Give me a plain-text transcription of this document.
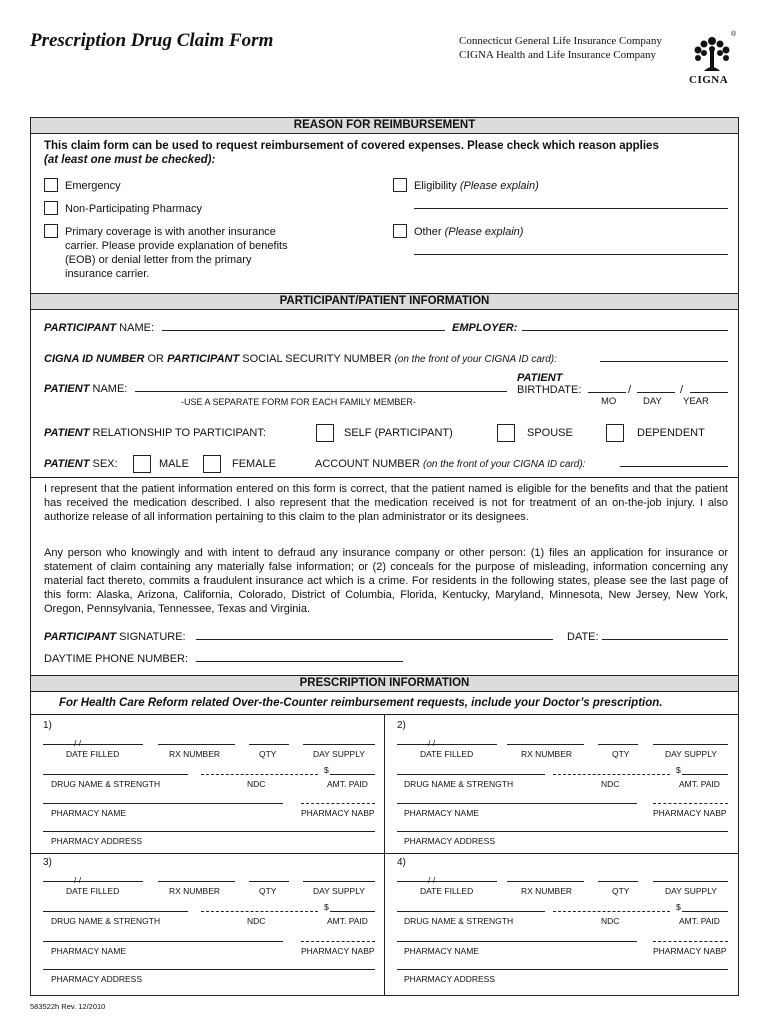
Prescription Drug Claim Form	Connecticut General Life Insurance Company
CIGNA Health and Life Insurance Company
®
CIGNA
REASON FOR REIMBURSEMENT
This claim form can be used to request reimbursement of covered expenses. Please check which reason applies
(at least one must be checked):
Emergency
Non-Participating Pharmacy
Primary coverage is with another insurance
carrier. Please provide explanation of benefits
(EOB) or denial letter from the primary
insurance carrier.
Eligibility (Please explain)
Other (Please explain)
PARTICIPANT/PATIENT INFORMATION
PARTICIPANT NAME:	EMPLOYER:
CIGNA ID NUMBER OR PARTICIPANT SOCIAL SECURITY NUMBER (on the front of your CIGNA ID card):
PATIENT NAME:
-USE A SEPARATE FORM FOR EACH FAMILY MEMBER-
PATIENT
BIRTHDATE:	/	/
MO	DAY YEAR
PATIENT RELATIONSHIP TO PARTICIPANT:	SELF (PARTICIPANT)	SPOUSE	DEPENDENT
PATIENT SEX:	MALE	FEMALE	ACCOUNT NUMBER (on the front of your CIGNA ID card):
I represent that the patient information entered on this form is correct, that the patient named is eligible for the benefits and that the patient has received the medication described. I also represent that the medication received is not for treatment of an on-the-job injury. I also authorize release of all information pertaining to this claim to the plan administrator or its designees.
Any person who knowingly and with intent to defraud any insurance company or other person: (1) files an application for insurance or statement of claim containing any materially false information; or (2) conceals for the purpose of misleading, information concerning any material fact thereto, commits a fraudulent insurance act which is a crime. For residents in the following states, please see the last page of this form: Alaska, Arizona, California, Colorado, District of Columbia, Florida, Kentucky, Maryland, Minnesota, New Jersey, New York, Oregon, Pennsylvania, Tennessee, Texas and Virginia.
PARTICIPANT SIGNATURE:	DATE:
DAYTIME PHONE NUMBER:
PRESCRIPTION INFORMATION
For Health Care Reform related Over-the-Counter reimbursement requests, include your Doctor’s prescription.
1)
/ /
DATE FILLED	RX NUMBER	QTY	DAY SUPPLY
$
DRUG NAME & STRENGTH	NDC	AMT. PAID
PHARMACY NAME	PHARMACY NABP
PHARMACY ADDRESS
2)
/ /
DATE FILLED	RX NUMBER	QTY	DAY SUPPLY
$
DRUG NAME & STRENGTH	NDC	AMT. PAID
PHARMACY NAME	PHARMACY NABP
PHARMACY ADDRESS
3)
/ /
DATE FILLED	RX NUMBER	QTY	DAY SUPPLY
$
DRUG NAME & STRENGTH	NDC	AMT. PAID
PHARMACY NAME	PHARMACY NABP
PHARMACY ADDRESS
4)
/ /
DATE FILLED	RX NUMBER	QTY	DAY SUPPLY
$
DRUG NAME & STRENGTH	NDC	AMT. PAID
PHARMACY NAME	PHARMACY NABP
PHARMACY ADDRESS
583522h Rev. 12/2010
